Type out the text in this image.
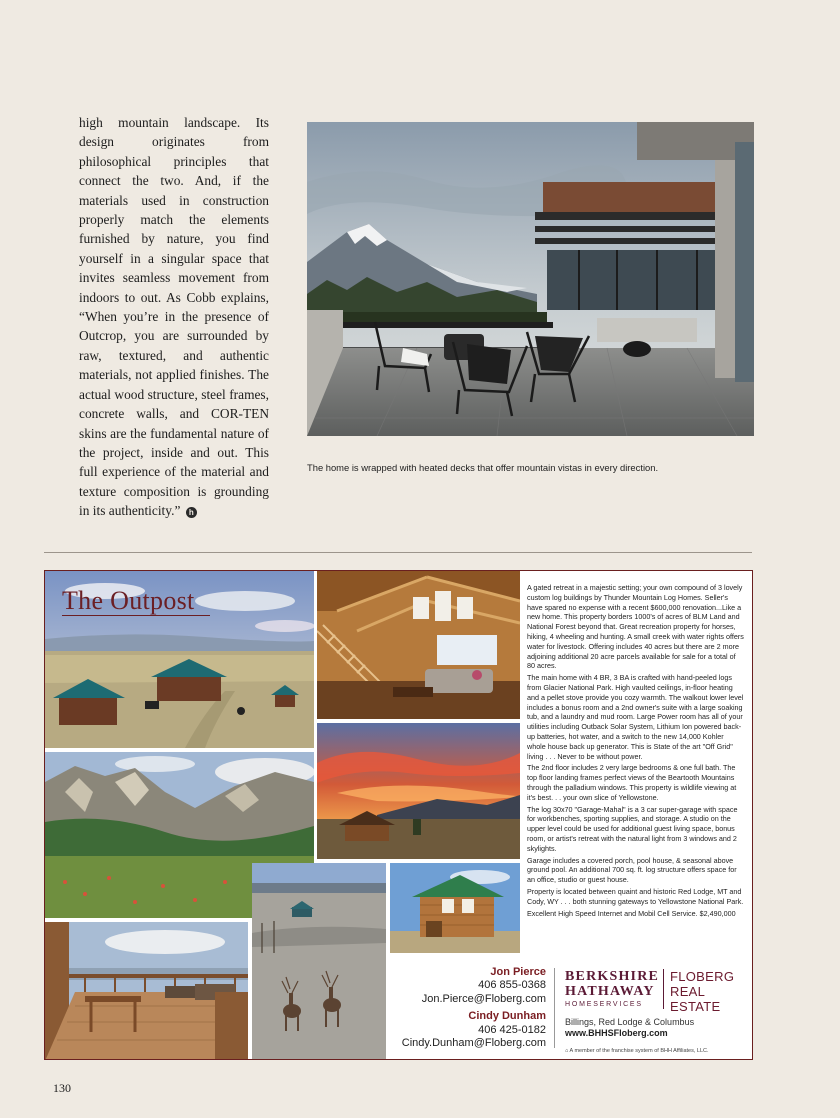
high mountain landscape. Its design originates from philosophical principles that connect the two. And, if the materials used in construction properly match the elements furnished by nature, you find yourself in a singular space that invites seamless movement from indoors to out. As Cobb explains, “When you’re in the presence of Outcrop, you are surrounded by raw, textured, and authentic materials, not applied finishes. The actual wood structure, steel frames, concrete walls, and COR-TEN skins are the fundamental nature of the project, inside and out. This full experience of the material and texture composition is grounding in its authenticity.” h
The home is wrapped with heated decks that offer mountain vistas in every direction.
The Outpost	A gated retreat in a majestic setting; your own compound of 3 lovely custom log buildings by Thunder Mountain Log Homes. Seller's have spared no expense with a recent $600,000 renovation...Like a new home. This property borders 1000's of acres of BLM Land and National Forest beyond that. Great recreation property for horses, hiking, 4 wheeling and hunting. A small creek with water rights offers water for livestock. Offering includes 40 acres but there are 2 more adjoining additional 20 acre parcels available for sale for a total of 80 acres.

The main home with 4 BR, 3 BA is crafted with hand-peeled logs from Glacier National Park. High vaulted ceilings, in-floor heating and a pellet stove provide you cozy warmth. The walkout lower level includes a bonus room and a 2nd owner's suite with a large soaking tub, and a laundry and mud room. Large Power room has all of your utilities including Outback Solar System, Lithium Ion powered back-up batteries, hot water, and a switch to the new 14,000 Kohler whole house back up generator. This is State of the art "Off Grid" living . . . Never to be without power.

The 2nd floor includes 2 very large bedrooms & one full bath. The top floor landing frames perfect views of the Beartooth Mountains through the palladium windows. This property is wildlife viewing at it's best. . . your own slice of Yellowstone.

The log 30x70 "Garage-Mahal" is a 3 car super-garage with space for workbenches, sporting supplies, and storage. A studio on the upper level could be used for additional guest living space, bonus room, or artist's retreat with the natural light from 3 windows and 2 skylights.

Garage includes a covered porch, pool house, & seasonal above ground pool. An additional 700 sq. ft. log structure offers space for an office, studio or guest house.

Property is located between quaint and historic Red Lodge, MT and Cody, WY . . . both stunning gateways to Yellowstone National Park.

Excellent High Speed Internet and Mobil Cell Service. $2,490,000

Jon Pierce
406 855-0368
Jon.Pierce@Floberg.com
Cindy Dunham
406 425-0182
Cindy.Dunham@Floberg.com
BERKSHIRE
HATHAWAY
HOMESERVICES
FLOBERG
REAL ESTATE
Billings, Red Lodge & Columbus
www.BHHSFloberg.com
⌂ A member of the franchise system of BHH Affiliates, LLC.
130
